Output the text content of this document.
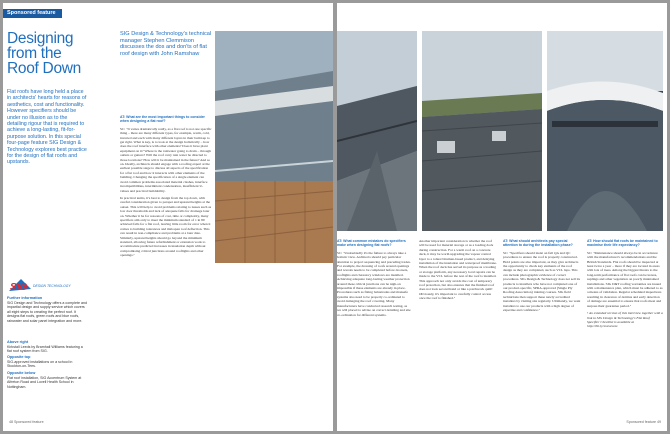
Sponsored feature
Designing from the Roof Down
Flat roofs have long held a place in architects' hearts for reasons of aesthetics, cost and functionality. However specifiers should be under no illusion as to the detailing rigour that is required to achieve a long-lasting, fit-for-purpose solution. In this special four-page feature SIG Design & Technology explores best practice for the design of flat roofs and upstands.
SIG DESIGN TECHNOLOGY
Further information
SIG Design and Technology offers a complete and impartial design and supply service which covers all eight steps to creating the perfect roof. It designs flat roofs, green roofs and blue roofs, rainwater and solar panel integration and more.
Above right
Kirkstall Leeds by Bramhall Williams featuring a flat roof system from SIG.
Opposite top
SIG-approved installations on a school in Stockton-on-Tees.
Opposite below
Flat roof installation, SIG Accentrum System at Alfreton Road and Lovell Health School in Nottingham.
SIG Design & Technology's technical manager Stephen Clemmison discusses the dos and don'ts of flat roof design with John Ramshaw

AT: What are the most important things to consider when designing a flat roof?

SC: "It varies dramatically really, as a flat roof is not one specific thing – there are many different types, for example, warm, cold, inverted and each with many different layers in their build-up to get right. What is key, is to look at the design holistically – how does the roof interface with other elements? Does it have plant equipment on it? Where is the rainwater going to drain – through outlets or gutters? Will the roof carry rain water be directed to those locations? How will it be maintained in the future? And so on. Ideally, architects should engage with a roofing expert at the earliest possible stage to discuss all aspects of the specification for a flat roof and how it interacts with other elements of the building. Changing the specification of a single element can avoid common problems associated material clashes, interface incompatibilities, intermittent condensation, insufficient U-values and practical buildability.

In practical terms, it's best to design from the top down, with careful consideration given to parapet and upstand heights at the outset. This will help to avoid problems relating to issues such as low door thresholds and lack of adequate falls for drainage later on. Whether it be for reasons of cost, time or complexity, many specifiers aim only to meet the minimum standard of 1 in 80 achieved falls for a flat roof, leaving little room for error when it comes to building tolerances and mid-span roof deflection. This can result in non-compliance and problems at a later date. Similarly, upstand heights should go beyond the minimum standard, allowing future refurbishment or extension work to accommodate predicted increases in insulation depth without compromising critical junctions around rooflights and other openings."

48 Sponsored feature

AT: What common mistakes do specifiers make when designing flat roofs?

SC: "Undoubtedly it's the failure to always take a holistic view. Architects should pay particular attention to project sequencing and preceding trades. For example, the dressing of roofs around openings and reveals needs to be completed before doorsets, rooflights and clerestory windows are installed. Achieving adequate long-lasting weather protection around these critical junctions can be nigh-on impossible if these elements are already in place. Procedures such as fixing balustrades and mansafe systems also need to be properly co-ordinated to avoid damaging the roof covering. Many manufacturers have conducted research testing, as we will placed to advise on correct detailing and site co-ordination for different systems.

Another important consideration is whether the roof will be used for material storage or as a loading dock during construction. For a warm roof on a concrete deck, it may be worth upgrading the vapour control layer to a robust bitumen-based product, and delaying installation of the insulation and waterproof membrane. When the roof deck has served its purpose as a loading or storage platform, any necessary local repairs can be made to the VCL before the rest of the roof is installed. This approach not only avoids the cost of temporary roof protection, but also ensures that the finished roof does not look second hand or like a patchwork quilt! Obviously, it's important to carefully control access once the roof is finished."

AT: What should architects pay special attention to during the installation phase?

SC: "Specifiers should insist on full QA and QC procedures to ensure the roof is properly constructed. Hold points are also important, as they give architects the opportunity to check key elements of the roof design as they are completed, such as VCL laps. This can include photographic evidence of correct procedures. SIG Design & Technology does not sell its products to installers who have not completed one of our product-specific, SPRA-approved (Single Ply Roofing Association) training courses. SIG field technicians then support these newly accredited installers by visiting site regularly. Ultimately, we want installers to use our products with a high degree of expertise and confidence."

AT: How should flat roofs be maintained to maximise their life expectancy?

SC: "Maintenance should always be in accordance with the manufacturer's recommendations and the British Standards. Flat roofs should be inspected at least twice a year – more if they are located in areas with lots of trees. Among the biggest threats to the long-term performance of flat roofs can be leaves, saplings and other vegetation on poorly maintained installations. SIG D&T roofing warranties are issued with a maintenance plan, which must be adhered to as a means of validation. Regular scheduled inspections resulting in clearance of detritus and early detection of damage are essential to ensure that roofs meet and surpass their guarantee period."

• An extended version of this interview together with a link to SIG Design & Technology's Flat Roof Specifier Checklist is available at http://bit.ly/xxxxxxxxx

Sponsored feature 49
